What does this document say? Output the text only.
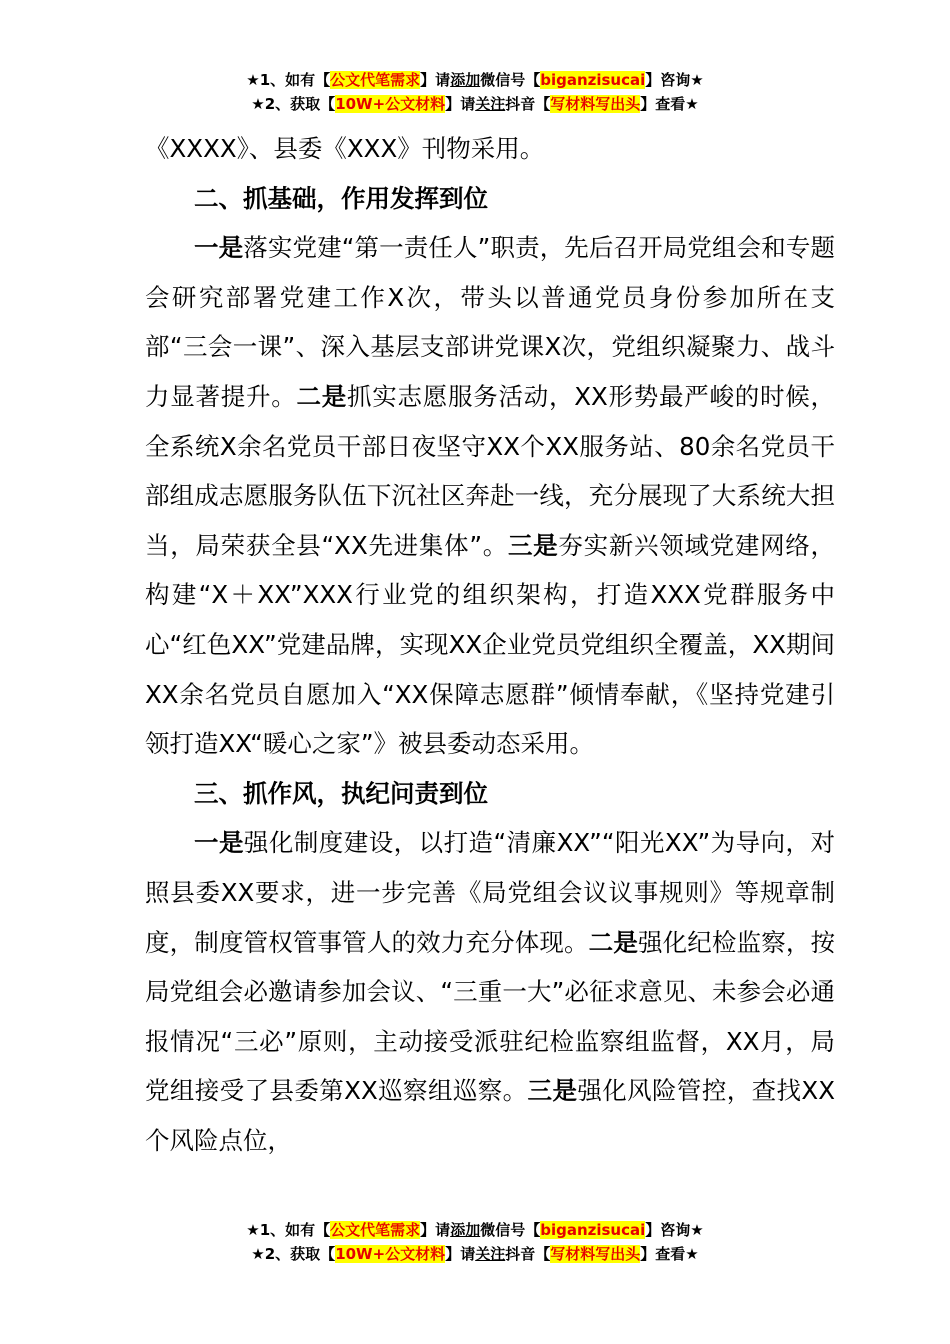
★1、如有【公文代笔需求】请添加微信号【biganzisucai】咨询★
★2、获取【10W+公文材料】请关注抖音【写材料写出头】查看★

《XXXX》、县委《XXX》刊物采用。

二、抓基础，作用发挥到位

一是落实党建“第一责任人”职责，先后召开局党组会和专题会研究部署党建工作X次，带头以普通党员身份参加所在支部“三会一课”、深入基层支部讲党课X次，党组织凝聚力、战斗力显著提升。二是抓实志愿服务活动，XX形势最严峻的时候，全系统X余名党员干部日夜坚守XX个XX服务站、80余名党员干部组成志愿服务队伍下沉社区奔赴一线，充分展现了大系统大担当，局荣获全县“XX先进集体”。三是夯实新兴领域党建网络，构建“X＋XX”XXX行业党的组织架构，打造XXX党群服务中心“红色XX”党建品牌，实现XX企业党员党组织全覆盖，XX期间XX余名党员自愿加入“XX保障志愿群”倾情奉献，《坚持党建引领打造XX“暖心之家”》被县委动态采用。

三、抓作风，执纪问责到位

一是强化制度建设，以打造“清廉XX”“阳光XX”为导向，对照县委XX要求，进一步完善《局党组会议议事规则》等规章制度，制度管权管事管人的效力充分体现。二是强化纪检监察，按局党组会必邀请参加会议、“三重一大”必征求意见、未参会必通报情况“三必”原则，主动接受派驻纪检监察组监督，XX月，局党组接受了县委第XX巡察组巡察。三是强化风险管控，查找XX个风险点位，

★1、如有【公文代笔需求】请添加微信号【biganzisucai】咨询★
★2、获取【10W+公文材料】请关注抖音【写材料写出头】查看★
